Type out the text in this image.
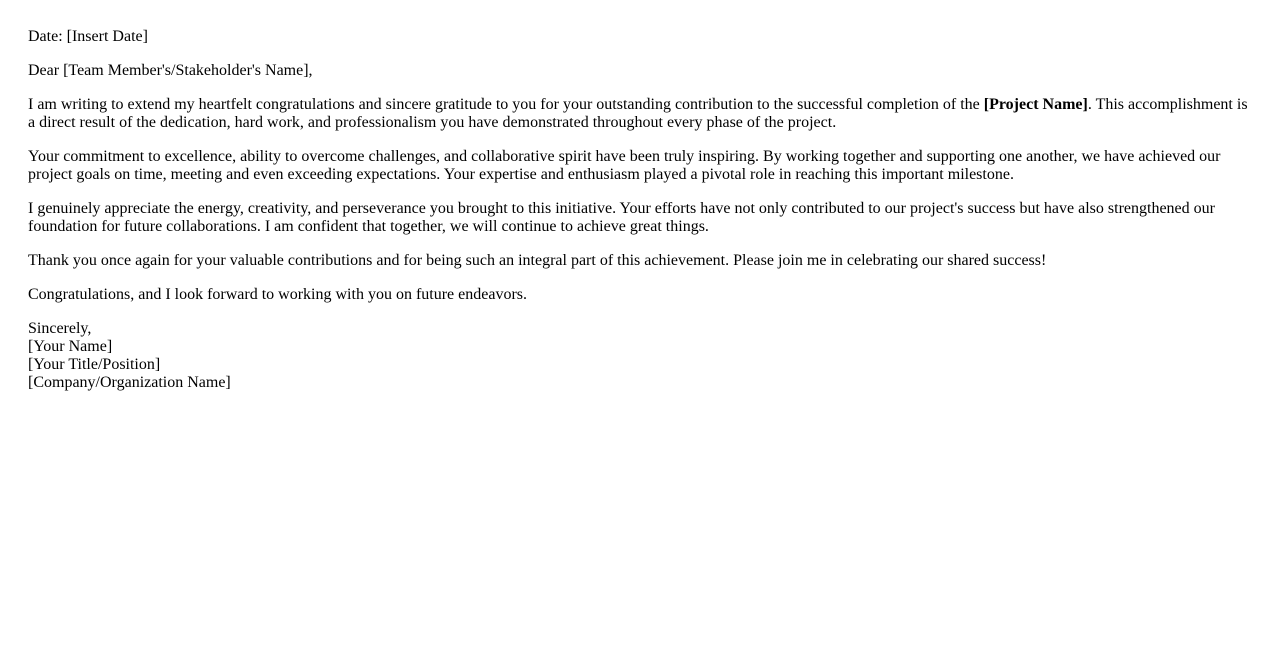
Date: [Insert Date]

Dear [Team Member's/Stakeholder's Name],

I am writing to extend my heartfelt congratulations and sincere gratitude to you for your outstanding contribution to the successful completion of the [Project Name]. This accomplishment is a direct result of the dedication, hard work, and professionalism you have demonstrated throughout every phase of the project.

Your commitment to excellence, ability to overcome challenges, and collaborative spirit have been truly inspiring. By working together and supporting one another, we have achieved our project goals on time, meeting and even exceeding expectations. Your expertise and enthusiasm played a pivotal role in reaching this important milestone.

I genuinely appreciate the energy, creativity, and perseverance you brought to this initiative. Your efforts have not only contributed to our project's success but have also strengthened our foundation for future collaborations. I am confident that together, we will continue to achieve great things.

Thank you once again for your valuable contributions and for being such an integral part of this achievement. Please join me in celebrating our shared success!

Congratulations, and I look forward to working with you on future endeavors.

Sincerely,
[Your Name]
[Your Title/Position]
[Company/Organization Name]
